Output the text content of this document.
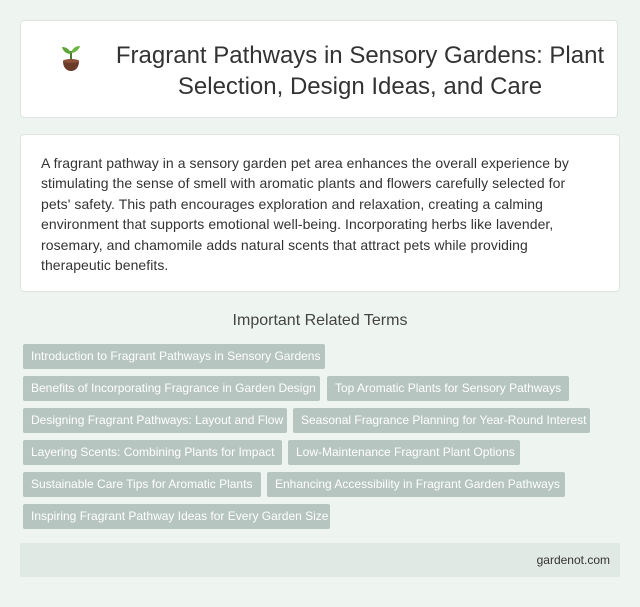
Fragrant Pathways in Sensory Gardens: Plant
Selection, Design Ideas, and Care

A fragrant pathway in a sensory garden pet area enhances the overall experience by
stimulating the sense of smell with aromatic plants and flowers carefully selected for
pets' safety. This path encourages exploration and relaxation, creating a calming
environment that supports emotional well-being. Incorporating herbs like lavender,
rosemary, and chamomile adds natural scents that attract pets while providing
therapeutic benefits.

Important Related Terms
Introduction to Fragrant Pathways in Sensory Gardens
Benefits of Incorporating Fragrance in Garden Design	Top Aromatic Plants for Sensory Pathways
Designing Fragrant Pathways: Layout and Flow	Seasonal Fragrance Planning for Year-Round Interest
Layering Scents: Combining Plants for Impact	Low-Maintenance Fragrant Plant Options
Sustainable Care Tips for Aromatic Plants	Enhancing Accessibility in Fragrant Garden Pathways
Inspiring Fragrant Pathway Ideas for Every Garden Size
gardenot.com
